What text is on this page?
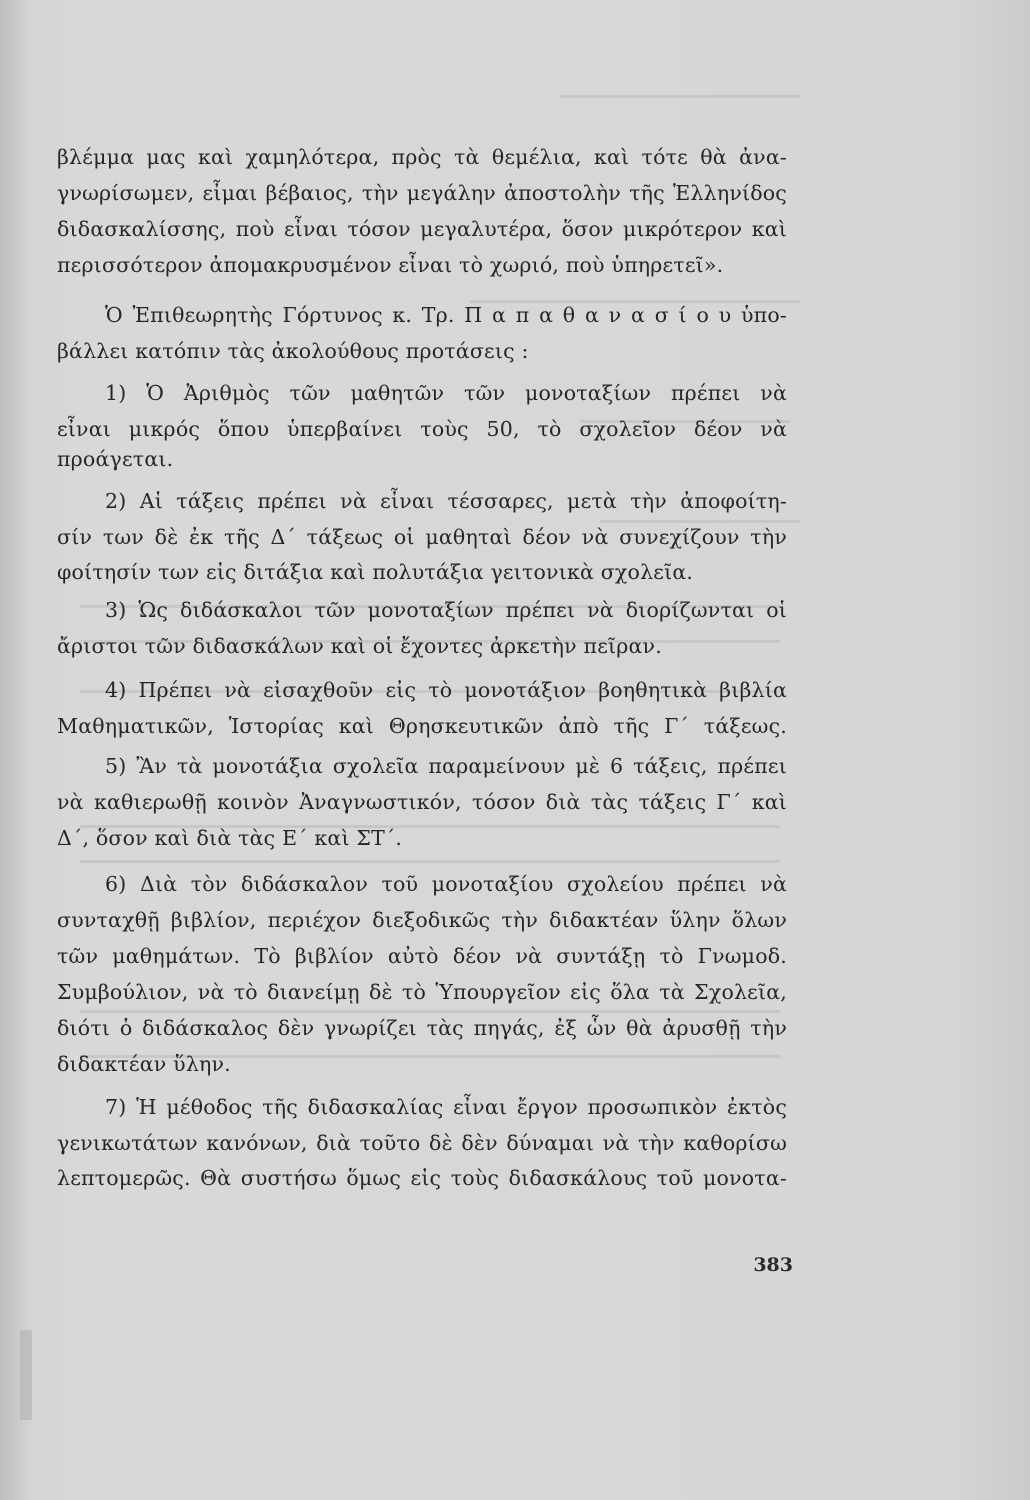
βλέμμα μας καὶ χαμηλότερα, πρὸς τὰ θεμέλια, καὶ τότε θὰ ἀνα-
γνωρίσωμεν, εἶμαι βέβαιος, τὴν μεγάλην ἀποστολὴν τῆς Ἑλληνίδος
διδασκαλίσσης, ποὺ εἶναι τόσον μεγαλυτέρα, ὅσον μικρότερον καὶ
περισσότερον ἀπομακρυσμένον εἶναι τὸ χωριό, ποὺ ὑπηρετεῖ».
Ὁ Ἐπιθεωρητὴς Γόρτυνος κ. Τρ. Π α π α θ α ν α σ ί ο υ ὑπο-
βάλλει κατόπιν τὰς ἀκολούθους προτάσεις :
1) Ὁ Ἀριθμὸς τῶν μαθητῶν τῶν μονοταξίων πρέπει νὰ
εἶναι μικρός ὅπου ὑπερβαίνει τοὺς 50, τὸ σχολεῖον δέον νὰ
προάγεται.
2) Αἱ τάξεις πρέπει νὰ εἶναι τέσσαρες, μετὰ τὴν ἀποφοίτη-
σίν των δὲ ἐκ τῆς Δ΄ τάξεως οἱ μαθηταὶ δέον νὰ συνεχίζουν τὴν
φοίτησίν των εἰς διτάξια καὶ πολυτάξια γειτονικὰ σχολεῖα.
3) Ὡς διδάσκαλοι τῶν μονοταξίων πρέπει νὰ διορίζωνται οἱ
ἄριστοι τῶν διδασκάλων καὶ οἱ ἔχοντες ἀρκετὴν πεῖραν.
4) Πρέπει νὰ εἰσαχθοῦν εἰς τὸ μονοτάξιον βοηθητικὰ βιβλία
Μαθηματικῶν, Ἱστορίας καὶ Θρησκευτικῶν ἀπὸ τῆς Γ΄ τάξεως.
5) Ἂν τὰ μονοτάξια σχολεῖα παραμείνουν μὲ 6 τάξεις, πρέπει
νὰ καθιερωθῇ κοινὸν Ἀναγνωστικόν, τόσον διὰ τὰς τάξεις Γ΄ καὶ
Δ΄, ὅσον καὶ διὰ τὰς Ε΄ καὶ ΣΤ΄.
6) Διὰ τὸν διδάσκαλον τοῦ μονοταξίου σχολείου πρέπει νὰ
συνταχθῇ βιβλίον, περιέχον διεξοδικῶς τὴν διδακτέαν ὕλην ὅλων
τῶν μαθημάτων. Τὸ βιβλίον αὐτὸ δέον νὰ συντάξῃ τὸ Γνωμοδ.
Συμβούλιον, νὰ τὸ διανείμῃ δὲ τὸ Ὑπουργεῖον εἰς ὅλα τὰ Σχολεῖα,
διότι ὁ διδάσκαλος δὲν γνωρίζει τὰς πηγάς, ἐξ ὧν θὰ ἀρυσθῇ τὴν
διδακτέαν ὕλην.
7) Ἡ μέθοδος τῆς διδασκαλίας εἶναι ἔργον προσωπικὸν ἐκτὸς
γενικωτάτων κανόνων, διὰ τοῦτο δὲ δὲν δύναμαι νὰ τὴν καθορίσω
λεπτομερῶς. Θὰ συστήσω ὅμως εἰς τοὺς διδασκάλους τοῦ μονοτα-
383
